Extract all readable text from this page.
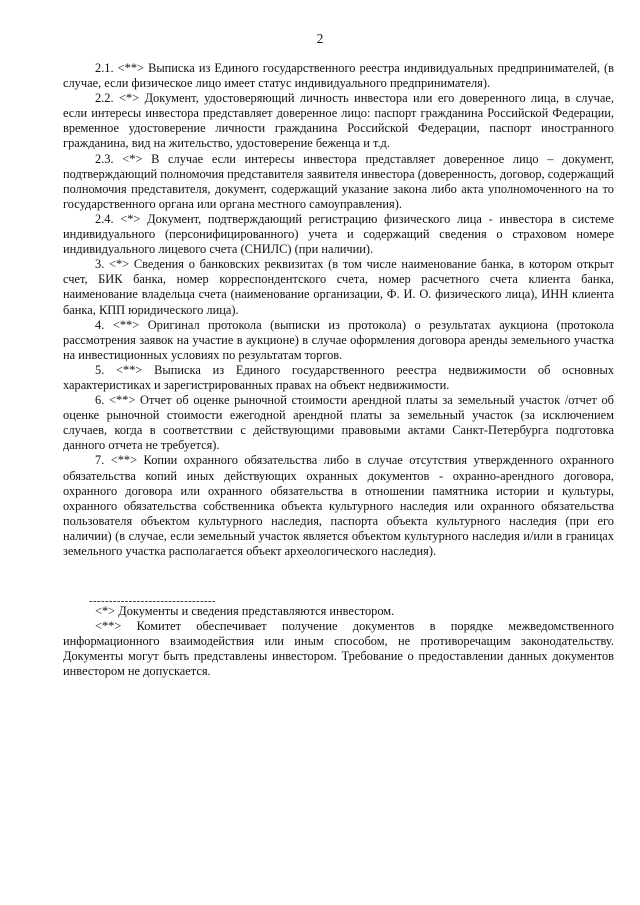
2

2.1. <**> Выписка из Единого государственного реестра индивидуальных предпринимателей, (в случае, если физическое лицо имеет статус индивидуального предпринимателя).

2.2. <*> Документ, удостоверяющий личность инвестора или его доверенного лица, в случае, если интересы инвестора представляет доверенное лицо: паспорт гражданина Российской Федерации, временное удостоверение личности гражданина Российской Федерации, паспорт иностранного гражданина, вид на жительство, удостоверение беженца и т.д.

2.3. <*> В случае если интересы инвестора представляет доверенное лицо – документ, подтверждающий полномочия представителя заявителя инвестора (доверенность, договор, содержащий полномочия представителя, документ, содержащий указание закона либо акта уполномоченного на то государственного органа или органа местного самоуправления).

2.4. <*> Документ, подтверждающий регистрацию физического лица - инвестора в системе индивидуального (персонифицированного) учета и содержащий сведения о страховом номере индивидуального лицевого счета (СНИЛС) (при наличии).

3. <*> Сведения о банковских реквизитах (в том числе наименование банка, в котором открыт счет, БИК банка, номер корреспондентского счета, номер расчетного счета клиента банка, наименование владельца счета (наименование организации, Ф. И. О. физического лица), ИНН клиента банка, КПП юридического лица).

4. <**> Оригинал протокола (выписки из протокола) о результатах аукциона (протокола рассмотрения заявок на участие в аукционе) в случае оформления договора аренды земельного участка на инвестиционных условиях по результатам торгов.

5. <**> Выписка из Единого государственного реестра недвижимости об основных характеристиках и зарегистрированных правах на объект недвижимости.

6. <**> Отчет об оценке рыночной стоимости арендной платы за земельный участок /отчет об оценке рыночной стоимости ежегодной арендной платы за земельный участок (за исключением случаев, когда в соответствии с действующими правовыми актами Санкт-Петербурга подготовка данного отчета не требуется).

7. <**> Копии охранного обязательства либо в случае отсутствия утвержденного охранного обязательства копий иных действующих охранных документов - охранно-арендного договора, охранного договора или охранного обязательства в отношении памятника истории и культуры, охранного обязательства собственника объекта культурного наследия или охранного обязательства пользователя объектом культурного наследия, паспорта объекта культурного наследия (при его наличии) (в случае, если земельный участок является объектом культурного наследия и/или в границах земельного участка располагается объект археологического наследия).

--------------------------------

<*> Документы и сведения представляются инвестором.

<**> Комитет обеспечивает получение документов в порядке межведомственного информационного взаимодействия или иным способом, не противоречащим законодательству. Документы могут быть представлены инвестором. Требование о предоставлении данных документов инвестором не допускается.
